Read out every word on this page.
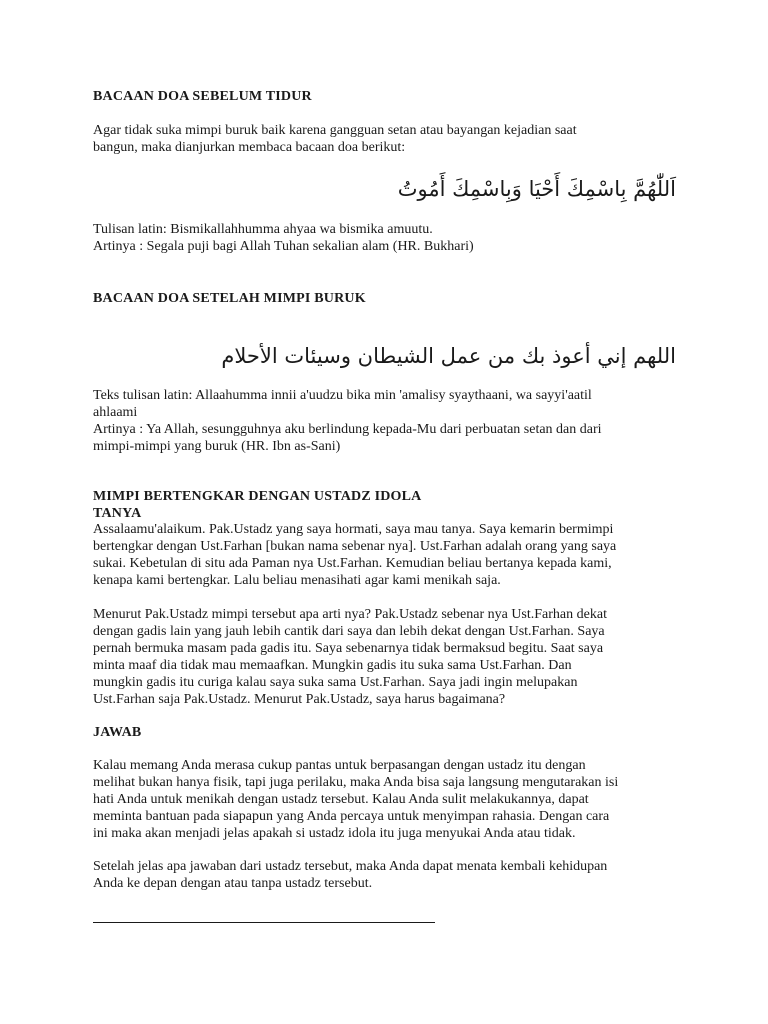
BACAAN DOA SEBELUM TIDUR

Agar tidak suka mimpi buruk baik karena gangguan setan atau bayangan kejadian saat
bangun, maka dianjurkan membaca bacaan doa berikut:

اَللّٰهُمَّ بِاسْمِكَ أَحْيَا وَبِاسْمِكَ أَمُوتُ

Tulisan latin: Bismikallahhumma ahyaa wa bismika amuutu.
Artinya : Segala puji bagi Allah Tuhan sekalian alam (HR. Bukhari)

BACAAN DOA SETELAH MIMPI BURUK

اللهم إني أعوذ بك من عمل الشيطان وسيئات الأحلام

Teks tulisan latin: Allaahumma innii a'uudzu bika min 'amalisy syaythaani, wa sayyi'aatil
ahlaami
Artinya : Ya Allah, sesungguhnya aku berlindung kepada-Mu dari perbuatan setan dan dari
mimpi-mimpi yang buruk (HR. Ibn as-Sani)
MIMPI BERTENGKAR DENGAN USTADZ IDOLA
TANYA
Assalaamu'alaikum. Pak.Ustadz yang saya hormati, saya mau tanya. Saya kemarin bermimpi
bertengkar dengan Ust.Farhan [bukan nama sebenar nya]. Ust.Farhan adalah orang yang saya
sukai. Kebetulan di situ ada Paman nya Ust.Farhan. Kemudian beliau bertanya kepada kami,
kenapa kami bertengkar. Lalu beliau menasihati agar kami menikah saja.
Menurut Pak.Ustadz mimpi tersebut apa arti nya? Pak.Ustadz sebenar nya Ust.Farhan dekat
dengan gadis lain yang jauh lebih cantik dari saya dan lebih dekat dengan Ust.Farhan. Saya
pernah bermuka masam pada gadis itu. Saya sebenarnya tidak bermaksud begitu. Saat saya
minta maaf dia tidak mau memaafkan. Mungkin gadis itu suka sama Ust.Farhan. Dan
mungkin gadis itu curiga kalau saya suka sama Ust.Farhan. Saya jadi ingin melupakan
Ust.Farhan saja Pak.Ustadz. Menurut Pak.Ustadz, saya harus bagaimana?

JAWAB

Kalau memang Anda merasa cukup pantas untuk berpasangan dengan ustadz itu dengan
melihat bukan hanya fisik, tapi juga perilaku, maka Anda bisa saja langsung mengutarakan isi
hati Anda untuk menikah dengan ustadz tersebut. Kalau Anda sulit melakukannya, dapat
meminta bantuan pada siapapun yang Anda percaya untuk menyimpan rahasia. Dengan cara
ini maka akan menjadi jelas apakah si ustadz idola itu juga menyukai Anda atau tidak.
Setelah jelas apa jawaban dari ustadz tersebut, maka Anda dapat menata kembali kehidupan
Anda ke depan dengan atau tanpa ustadz tersebut.
